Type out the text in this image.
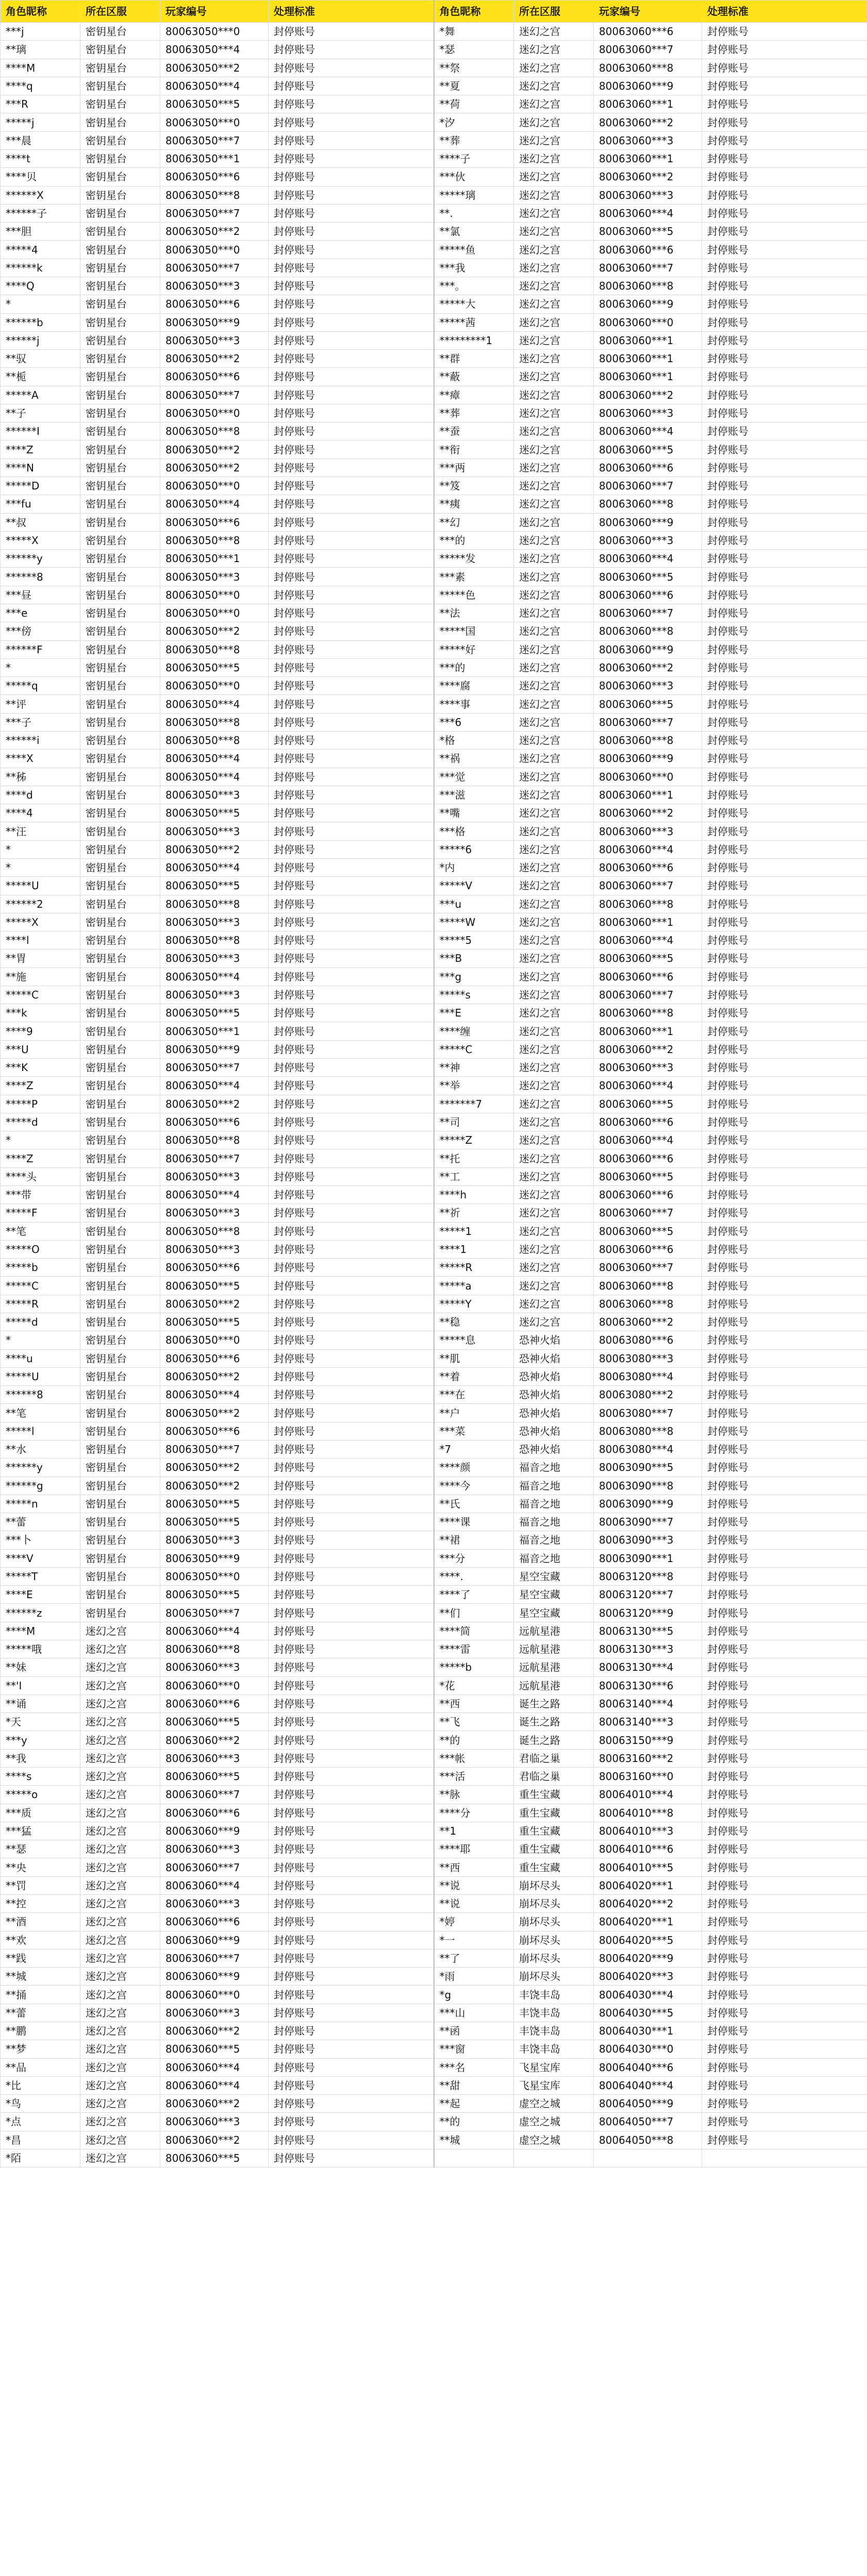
角色昵称	所在区服	玩家编号	处理标准	角色昵称	所在区服	玩家编号	处理标准
***j	密钥星台	80063050***0	封停账号	*舞	迷幻之宫	80063060***6	封停账号
**璃	密钥星台	80063050***4	封停账号	*瑟	迷幻之宫	80063060***7	封停账号
****M	密钥星台	80063050***2	封停账号	**祭	迷幻之宫	80063060***8	封停账号
****q	密钥星台	80063050***4	封停账号	**夏	迷幻之宫	80063060***9	封停账号
***R	密钥星台	80063050***5	封停账号	**荷	迷幻之宫	80063060***1	封停账号
*****j	密钥星台	80063050***0	封停账号	*汐	迷幻之宫	80063060***2	封停账号
***晨	密钥星台	80063050***7	封停账号	**葬	迷幻之宫	80063060***3	封停账号
****t	密钥星台	80063050***1	封停账号	****子	迷幻之宫	80063060***1	封停账号
****贝	密钥星台	80063050***6	封停账号	***伙	迷幻之宫	80063060***2	封停账号
******X	密钥星台	80063050***8	封停账号	*****璃	迷幻之宫	80063060***3	封停账号
******子	密钥星台	80063050***7	封停账号	**.	迷幻之宫	80063060***4	封停账号
***胆	密钥星台	80063050***2	封停账号	**氯	迷幻之宫	80063060***5	封停账号
*****4	密钥星台	80063050***0	封停账号	*****鱼	迷幻之宫	80063060***6	封停账号
******k	密钥星台	80063050***7	封停账号	***我	迷幻之宫	80063060***7	封停账号
****Q	密钥星台	80063050***3	封停账号	***。	迷幻之宫	80063060***8	封停账号
*	密钥星台	80063050***6	封停账号	*****大	迷幻之宫	80063060***9	封停账号
******b	密钥星台	80063050***9	封停账号	*****茜	迷幻之宫	80063060***0	封停账号
******j	密钥星台	80063050***3	封停账号	*********1	迷幻之宫	80063060***1	封停账号
**驭	密钥星台	80063050***2	封停账号	**群	迷幻之宫	80063060***1	封停账号
**栀	密钥星台	80063050***6	封停账号	**蔽	迷幻之宫	80063060***1	封停账号
*****A	密钥星台	80063050***7	封停账号	**瘴	迷幻之宫	80063060***2	封停账号
**子	密钥星台	80063050***0	封停账号	**葬	迷幻之宫	80063060***3	封停账号
******I	密钥星台	80063050***8	封停账号	**蚕	迷幻之宫	80063060***4	封停账号
****Z	密钥星台	80063050***2	封停账号	**衔	迷幻之宫	80063060***5	封停账号
****N	密钥星台	80063050***2	封停账号	***两	迷幻之宫	80063060***6	封停账号
*****D	密钥星台	80063050***0	封停账号	**笈	迷幻之宫	80063060***7	封停账号
***fu	密钥星台	80063050***4	封停账号	**痍	迷幻之宫	80063060***8	封停账号
**叔	密钥星台	80063050***6	封停账号	**幻	迷幻之宫	80063060***9	封停账号
*****X	密钥星台	80063050***8	封停账号	***的	迷幻之宫	80063060***3	封停账号
******y	密钥星台	80063050***1	封停账号	*****发	迷幻之宫	80063060***4	封停账号
******8	密钥星台	80063050***3	封停账号	***素	迷幻之宫	80063060***5	封停账号
***昼	密钥星台	80063050***0	封停账号	*****色	迷幻之宫	80063060***6	封停账号
***e	密钥星台	80063050***0	封停账号	**法	迷幻之宫	80063060***7	封停账号
***傍	密钥星台	80063050***2	封停账号	*****国	迷幻之宫	80063060***8	封停账号
******F	密钥星台	80063050***8	封停账号	*****好	迷幻之宫	80063060***9	封停账号
*	密钥星台	80063050***5	封停账号	***的	迷幻之宫	80063060***2	封停账号
*****q	密钥星台	80063050***0	封停账号	****腐	迷幻之宫	80063060***3	封停账号
**评	密钥星台	80063050***4	封停账号	****事	迷幻之宫	80063060***5	封停账号
***子	密钥星台	80063050***8	封停账号	***6	迷幻之宫	80063060***7	封停账号
******i	密钥星台	80063050***8	封停账号	*格	迷幻之宫	80063060***8	封停账号
****X	密钥星台	80063050***4	封停账号	**祸	迷幻之宫	80063060***9	封停账号
**秭	密钥星台	80063050***4	封停账号	***觉	迷幻之宫	80063060***0	封停账号
****d	密钥星台	80063050***3	封停账号	***滋	迷幻之宫	80063060***1	封停账号
****4	密钥星台	80063050***5	封停账号	**嘴	迷幻之宫	80063060***2	封停账号
**汪	密钥星台	80063050***3	封停账号	***格	迷幻之宫	80063060***3	封停账号
*	密钥星台	80063050***2	封停账号	*****6	迷幻之宫	80063060***4	封停账号
*	密钥星台	80063050***4	封停账号	*内	迷幻之宫	80063060***6	封停账号
*****U	密钥星台	80063050***5	封停账号	*****V	迷幻之宫	80063060***7	封停账号
******2	密钥星台	80063050***8	封停账号	***u	迷幻之宫	80063060***8	封停账号
*****X	密钥星台	80063050***3	封停账号	*****W	迷幻之宫	80063060***1	封停账号
****l	密钥星台	80063050***8	封停账号	*****5	迷幻之宫	80063060***4	封停账号
**胃	密钥星台	80063050***3	封停账号	***B	迷幻之宫	80063060***5	封停账号
**施	密钥星台	80063050***4	封停账号	***g	迷幻之宫	80063060***6	封停账号
*****C	密钥星台	80063050***3	封停账号	*****s	迷幻之宫	80063060***7	封停账号
***k	密钥星台	80063050***5	封停账号	***E	迷幻之宫	80063060***8	封停账号
****9	密钥星台	80063050***1	封停账号	****缠	迷幻之宫	80063060***1	封停账号
***U	密钥星台	80063050***9	封停账号	*****C	迷幻之宫	80063060***2	封停账号
***K	密钥星台	80063050***7	封停账号	**神	迷幻之宫	80063060***3	封停账号
****Z	密钥星台	80063050***4	封停账号	**举	迷幻之宫	80063060***4	封停账号
*****P	密钥星台	80063050***2	封停账号	*******7	迷幻之宫	80063060***5	封停账号
*****d	密钥星台	80063050***6	封停账号	**司	迷幻之宫	80063060***6	封停账号
*	密钥星台	80063050***8	封停账号	*****Z	迷幻之宫	80063060***4	封停账号
****Z	密钥星台	80063050***7	封停账号	**托	迷幻之宫	80063060***6	封停账号
****头	密钥星台	80063050***3	封停账号	**工	迷幻之宫	80063060***5	封停账号
***带	密钥星台	80063050***4	封停账号	****h	迷幻之宫	80063060***6	封停账号
*****F	密钥星台	80063050***3	封停账号	**祈	迷幻之宫	80063060***7	封停账号
**笔	密钥星台	80063050***8	封停账号	*****1	迷幻之宫	80063060***5	封停账号
*****O	密钥星台	80063050***3	封停账号	****1	迷幻之宫	80063060***6	封停账号
*****b	密钥星台	80063050***6	封停账号	*****R	迷幻之宫	80063060***7	封停账号
*****C	密钥星台	80063050***5	封停账号	*****a	迷幻之宫	80063060***8	封停账号
*****R	密钥星台	80063050***2	封停账号	*****Y	迷幻之宫	80063060***8	封停账号
*****d	密钥星台	80063050***5	封停账号	**稳	迷幻之宫	80063060***2	封停账号
*	密钥星台	80063050***0	封停账号	*****息	恐神火焰	80063080***6	封停账号
****u	密钥星台	80063050***6	封停账号	**肌	恐神火焰	80063080***3	封停账号
*****U	密钥星台	80063050***2	封停账号	**着	恐神火焰	80063080***4	封停账号
******8	密钥星台	80063050***4	封停账号	***在	恐神火焰	80063080***2	封停账号
**笔	密钥星台	80063050***2	封停账号	**户	恐神火焰	80063080***7	封停账号
*****l	密钥星台	80063050***6	封停账号	***菜	恐神火焰	80063080***8	封停账号
**水	密钥星台	80063050***7	封停账号	*7	恐神火焰	80063080***4	封停账号
******y	密钥星台	80063050***2	封停账号	****颜	福音之地	80063090***5	封停账号
******g	密钥星台	80063050***2	封停账号	****今	福音之地	80063090***8	封停账号
*****n	密钥星台	80063050***5	封停账号	**氏	福音之地	80063090***9	封停账号
**蕾	密钥星台	80063050***5	封停账号	****课	福音之地	80063090***7	封停账号
***卜	密钥星台	80063050***3	封停账号	**裙	福音之地	80063090***3	封停账号
****V	密钥星台	80063050***9	封停账号	***分	福音之地	80063090***1	封停账号
*****T	密钥星台	80063050***0	封停账号	****.	星空宝藏	80063120***8	封停账号
****E	密钥星台	80063050***5	封停账号	****了	星空宝藏	80063120***7	封停账号
******z	密钥星台	80063050***7	封停账号	**们	星空宝藏	80063120***9	封停账号
****M	迷幻之宫	80063060***4	封停账号	****简	远航星港	80063130***5	封停账号
*****哦	迷幻之宫	80063060***8	封停账号	****雷	远航星港	80063130***3	封停账号
**妹	迷幻之宫	80063060***3	封停账号	*****b	远航星港	80063130***4	封停账号
**'I	迷幻之宫	80063060***0	封停账号	*花	远航星港	80063130***6	封停账号
**诵	迷幻之宫	80063060***6	封停账号	**西	诞生之路	80063140***4	封停账号
*天	迷幻之宫	80063060***5	封停账号	**飞	诞生之路	80063140***3	封停账号
***y	迷幻之宫	80063060***2	封停账号	**的	诞生之路	80063150***9	封停账号
**我	迷幻之宫	80063060***3	封停账号	***帐	君临之巢	80063160***2	封停账号
****s	迷幻之宫	80063060***5	封停账号	***活	君临之巢	80063160***0	封停账号
*****o	迷幻之宫	80063060***7	封停账号	**脉	重生宝藏	80064010***4	封停账号
***质	迷幻之宫	80063060***6	封停账号	****分	重生宝藏	80064010***8	封停账号
***猛	迷幻之宫	80063060***9	封停账号	**1	重生宝藏	80064010***3	封停账号
**瑟	迷幻之宫	80063060***3	封停账号	****耶	重生宝藏	80064010***6	封停账号
**央	迷幻之宫	80063060***7	封停账号	**西	重生宝藏	80064010***5	封停账号
**罚	迷幻之宫	80063060***4	封停账号	**说	崩坏尽头	80064020***1	封停账号
**控	迷幻之宫	80063060***3	封停账号	**说	崩坏尽头	80064020***2	封停账号
**酒	迷幻之宫	80063060***6	封停账号	*婷	崩坏尽头	80064020***1	封停账号
**欢	迷幻之宫	80063060***9	封停账号	*一	崩坏尽头	80064020***5	封停账号
**践	迷幻之宫	80063060***7	封停账号	**了	崩坏尽头	80064020***9	封停账号
**城	迷幻之宫	80063060***9	封停账号	*雨	崩坏尽头	80064020***3	封停账号
**捅	迷幻之宫	80063060***0	封停账号	*g	丰饶丰岛	80064030***4	封停账号
**蕾	迷幻之宫	80063060***3	封停账号	***山	丰饶丰岛	80064030***5	封停账号
**鹏	迷幻之宫	80063060***2	封停账号	**函	丰饶丰岛	80064030***1	封停账号
**梦	迷幻之宫	80063060***5	封停账号	***窗	丰饶丰岛	80064030***0	封停账号
**品	迷幻之宫	80063060***4	封停账号	***名	飞星宝库	80064040***6	封停账号
*比	迷幻之宫	80063060***4	封停账号	**甜	飞星宝库	80064040***4	封停账号
*鸟	迷幻之宫	80063060***2	封停账号	**起	虚空之城	80064050***9	封停账号
*点	迷幻之宫	80063060***3	封停账号	**的	虚空之城	80064050***7	封停账号
*昌	迷幻之宫	80063060***2	封停账号	**城	虚空之城	80064050***8	封停账号
*陌	迷幻之宫	80063060***5	封停账号				
